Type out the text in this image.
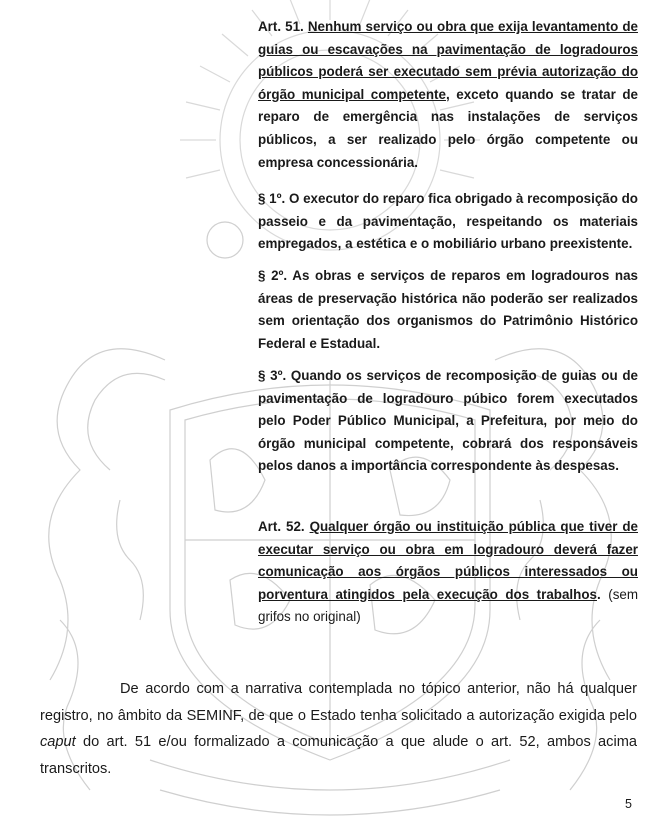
Art. 51. Nenhum serviço ou obra que exija levantamento de guias ou escavações na pavimentação de logradouros públicos poderá ser executado sem prévia autorização do órgão municipal competente, exceto quando se tratar de reparo de emergência nas instalações de serviços públicos, a ser realizado pelo órgão competente ou empresa concessionária.

§ 1º. O executor do reparo fica obrigado à recomposição do passeio e da pavimentação, respeitando os materiais empregados, a estética e o mobiliário urbano preexistente.

§ 2º. As obras e serviços de reparos em logradouros nas áreas de preservação histórica não poderão ser realizados sem orientação dos organismos do Patrimônio Histórico Federal e Estadual.

§ 3º. Quando os serviços de recomposição de guias ou de pavimentação de logradouro púbico forem executados pelo Poder Público Municipal, a Prefeitura, por meio do órgão municipal competente, cobrará dos responsáveis pelos danos a importância correspondente às despesas.

Art. 52. Qualquer órgão ou instituição pública que tiver de executar serviço ou obra em logradouro deverá fazer comunicação aos órgãos públicos interessados ou porventura atingidos pela execução dos trabalhos. (sem grifos no original)

De acordo com a narrativa contemplada no tópico anterior, não há qualquer registro, no âmbito da SEMINF, de que o Estado tenha solicitado a autorização exigida pelo caput do art. 51 e/ou formalizado a comunicação a que alude o art. 52, ambos acima transcritos.

5
